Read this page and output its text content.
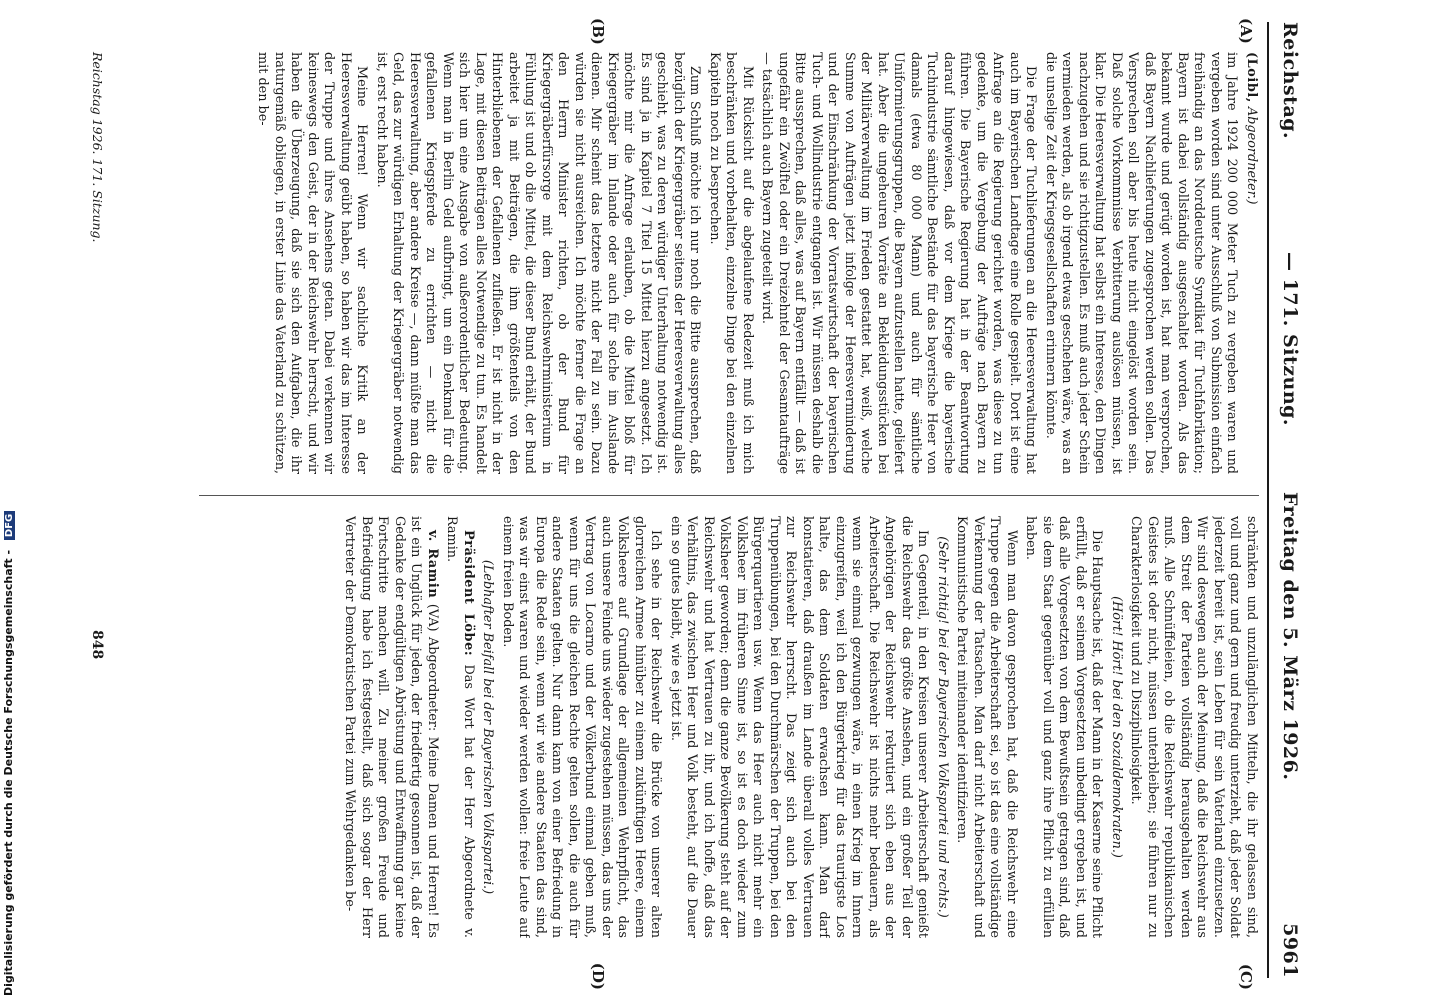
Reichstag.
— 171. Sitzung.
Freitag den 5. März 1926.
5961
(A)
(B)
(C)
(D)

(Loibl, Abgeordneter.)

im Jahre 1924 200 000 Meter Tuch zu vergeben waren und vergeben worden sind unter Ausschluß von Submission einfach freihändig an das Norddeutsche Syndikat für Tuchfabrikation; Bayern ist dabei vollständig ausgeschaltet worden. Als das bekannt wurde und gerügt worden ist, hat man versprochen, daß Bayern Nachlieferungen zugesprochen werden sollen. Das Versprechen soll aber bis heute nicht eingelöst worden sein. Daß solche Vorkommnisse Verbitterung auslösen müssen, ist klar. Die Heeresverwaltung hat selbst ein Interesse, den Dingen nachzugehen und sie richtigzustellen. Es muß auch jeder Schein vermieden werden, als ob irgend etwas geschehen wäre, was an die unselige Zeit der Kriegsgesellschaften erinnern könnte.

Die Frage der Tuchlieferungen an die Heeresverwaltung hat auch im Bayerischen Landtage eine Rolle gespielt. Dort ist eine Anfrage an die Regierung gerichtet worden, was diese zu tun gedenke, um die Vergebung der Aufträge nach Bayern zu führen. Die Bayerische Regierung hat in der Beantwortung darauf hingewiesen, daß vor dem Kriege die bayerische Tuchindustrie sämtliche Bestände für das bayerische Heer von damals (etwa 80 000 Mann) und auch für sämtliche Uniformierungsgruppen, die Bayern aufzustellen hatte, geliefert hat. Aber die ungeheuren Vorräte an Bekleidungsstücken bei der Militärverwaltung im Frieden gestattet hat, weiß, welche Summe von Aufträgen jetzt infolge der Heeresverminderung und der Einschränkung der Vorratswirtschaft der bayerischen Tuch- und Wollindustrie entgangen ist. Wir müssen deshalb die Bitte aussprechen, daß alles, was auf Bayern entfällt — daß ist ungefähr ein Zwölftel oder ein Dreizehntel der Gesamtaufträge — tatsächlich auch Bayern zugeteilt wird.

Mit Rücksicht auf die abgelaufene Redezeit muß ich mich beschränken und vorbehalten, einzelne Dinge bei den einzelnen Kapiteln noch zu besprechen.

Zum Schluß möchte ich nur noch die Bitte aussprechen, daß bezüglich der Kriegergräber seitens der Heeresverwaltung alles geschieht, was zu deren würdiger Unterhaltung notwendig ist. Es sind ja in Kapitel 7 Titel 15 Mittel hierzu angesetzt. Ich möchte mir die Anfrage erlauben, ob die Mittel bloß für Kriegergräber im Inlande oder auch für solche im Auslande dienen. Mir scheint das letztere nicht der Fall zu sein. Dazu würden sie nicht ausreichen. Ich möchte ferner die Frage an den Herrn Minister richten, ob der Bund für Kriegergräberfürsorge mit dem Reichswehrministerium in Fühlung ist und ob die Mittel, die dieser Bund erhält, der Bund arbeitet ja mit Beiträgen, die ihm größtenteils von den Hinterbliebenen der Gefallenen zufließen. Er ist nicht in der Lage, mit diesen Beiträgen alles Notwendige zu tun. Es handelt sich hier um eine Ausgabe von außerordentlicher Bedeutung. Wenn man in Berlin Geld aufbringt, um ein Denkmal für die gefallenen Kriegspferde zu errichten — nicht die Heeresverwaltung, aber andere Kreise —, dann müßte man das Geld, das zur würdigen Erhaltung der Kriegergräber notwendig ist, erst recht haben.

Meine Herren! Wenn wir sachliche Kritik an der Heeresverwaltung geübt haben, so haben wir das im Interesse der Truppe und ihres Ansehens getan. Dabei verkennen wir keineswegs den Geist, der in der Reichswehr herrscht, und wir haben die Überzeugung, daß sie sich den Aufgaben, die ihr naturgemäß obliegen, in erster Linie das Vaterland zu schützen, mit den be-

schränkten und unzulänglichen Mitteln, die ihr gelassen sind, voll und ganz und gern und freudig unterzieht, daß jeder Soldat jederzeit bereit ist, sein Leben für sein Vaterland einzusetzen. Wir sind deswegen auch der Meinung, daß die Reichswehr aus dem Streit der Parteien vollständig herausgehalten werden muß. Alle Schnüffeleien, ob die Reichswehr republikanischen Geistes ist oder nicht, müssen unterbleiben; sie führen nur zu Charakterlosigkeit und zu Disziplinlosigkeit.

(Hört! Hört! bei den Sozialdemokraten.)

Die Hauptsache ist, daß der Mann in der Kaserne seine Pflicht erfüllt, daß er seinem Vorgesetzten unbedingt ergeben ist, und daß alle Vorgesetzten von dem Bewußtsein getragen sind, daß sie dem Staat gegenüber voll und ganz ihre Pflicht zu erfüllen haben.

Wenn man davon gesprochen hat, daß die Reichswehr eine Truppe gegen die Arbeiterschaft sei, so ist das eine vollständige Verkennung der Tatsachen. Man darf nicht Arbeiterschaft und Kommunistische Partei miteinander identifizieren.

(Sehr richtig! bei der Bayerischen Volkspartei und rechts.)

Im Gegenteil, in den Kreisen unserer Arbeiterschaft genießt die Reichswehr das größte Ansehen, und ein großer Teil der Angehörigen der Reichswehr rekrutiert sich eben aus der Arbeiterschaft. Die Reichswehr ist nichts mehr bedauern, als wenn sie einmal gezwungen wäre, in einen Krieg im Innern einzugreifen, weil ich den Bürgerkrieg für das traurigste Los halte, das dem Soldaten erwachsen kann. Man darf konstatieren, daß draußen im Lande überall volles Vertrauen zur Reichswehr herrscht. Das zeigt sich auch bei den Truppenübungen, bei den Durchmärschen der Truppen, bei den Bürgerquartieren usw. Wenn das Heer auch nicht mehr ein Volksheer im früheren Sinne ist, so ist es doch wieder zum Volksheer geworden; denn die ganze Bevölkerung steht auf der Reichswehr und hat Vertrauen zu ihr, und ich hoffe, daß das Verhältnis, das zwischen Heer und Volk besteht, auf die Dauer ein so gutes bleibt, wie es jetzt ist.

Ich sehe in der Reichswehr die Brücke von unserer alten glorreichen Armee hinüber zu einem zukünftigen Heere, einem Volksheere auf Grundlage der allgemeinen Wehrpflicht, das auch unsere Feinde uns wieder zugestehen müssen, das uns der Vertrag von Locarno und der Völkerbund einmal geben muß, wenn für uns die gleichen Rechte gelten sollen, die auch für andere Staaten gelten. Nur dann kann von einer Befriedung in Europa die Rede sein, wenn wir wie andere Staaten das sind, was wir einst waren und wieder werden wollen: freie Leute auf einem freien Boden.

(Lebhafter Beifall bei der Bayerischen Volkspartei.)

Präsident Löbe: Das Wort hat der Herr Abgeordnete v. Ramin.

v. Ramin (VA) Abgeordneter: Meine Damen und Herren! Es ist ein Unglück für jeden, der friedfertig gesonnen ist, daß der Gedanke der endgültigen Abrüstung und Entwaffnung gar keine Fortschritte machen will. Zu meiner großen Freude und Befriedigung habe ich festgestellt, daß sich sogar der Herr Vertreter der Demokratischen Partei zum Wehrgedanken be-

Reichstag 1926. 171. Sitzung.
848
Digitalisierung gefördert durch die Deutsche Forschungsgemeinschaft - DFG
